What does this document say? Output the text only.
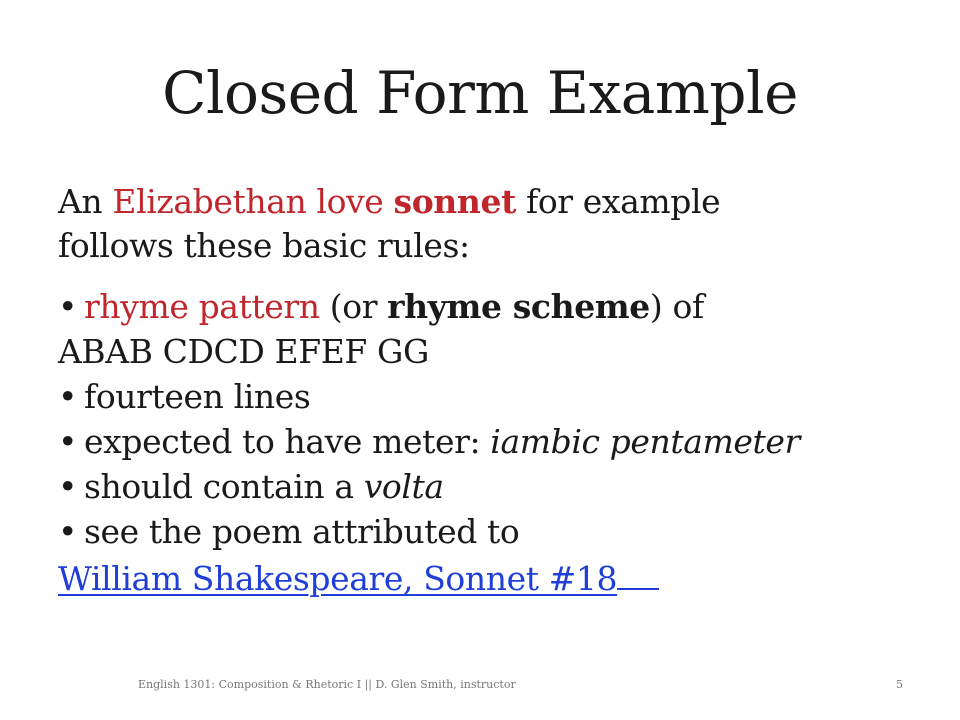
Closed Form Example
An Elizabethan love sonnet for example
follows these basic rules:
• rhyme pattern (or rhyme scheme) of
ABAB CDCD EFEF GG
• fourteen lines
• expected to have meter: iambic pentameter
• should contain a volta
• see the poem attributed to
William Shakespeare, Sonnet #18
English 1301: Composition & Rhetoric I || D. Glen Smith, instructor	5
